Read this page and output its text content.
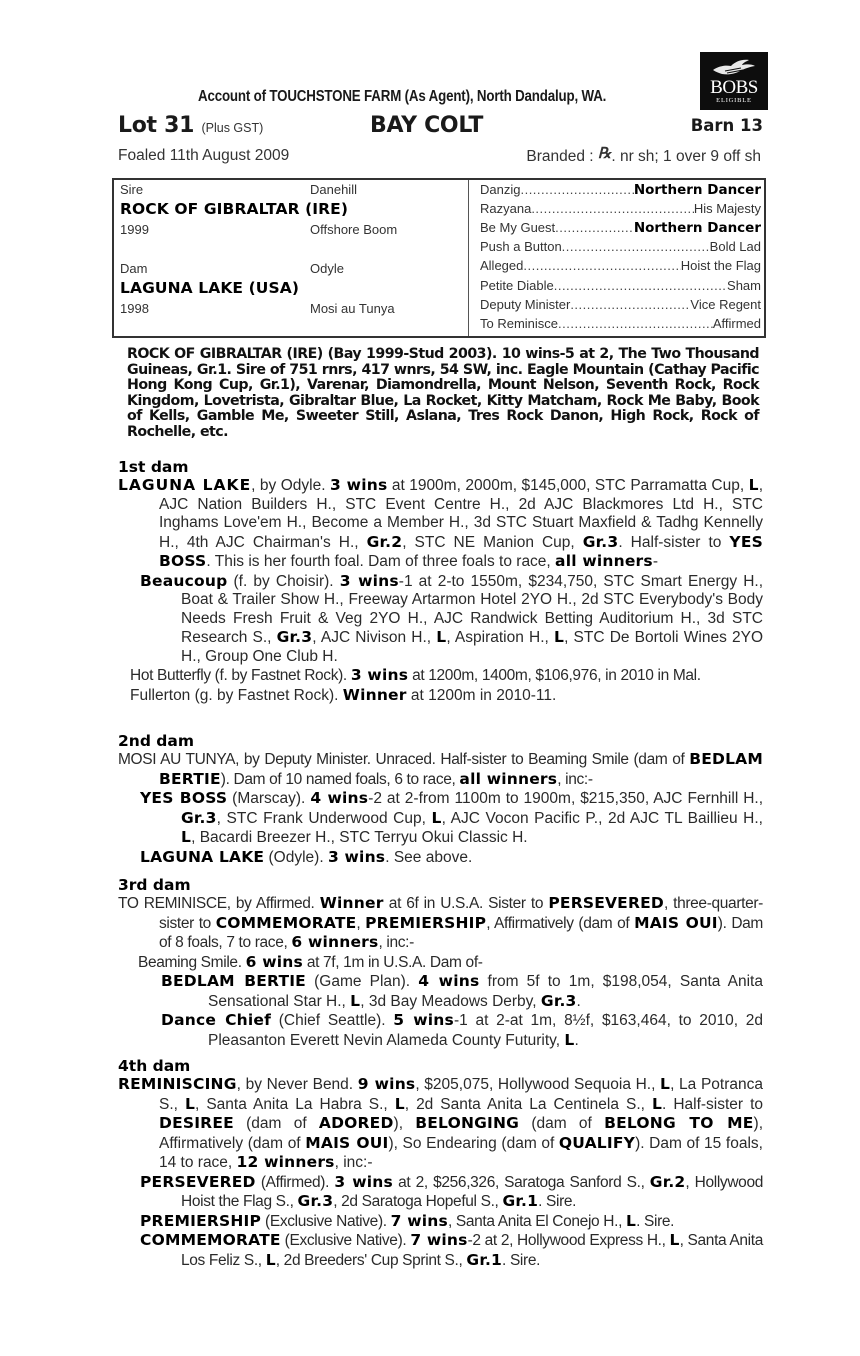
BOBS
ELIGIBLE
Account of TOUCHSTONE FARM (As Agent), North Dandalup, WA.
Lot 31 (Plus GST)	BAY COLT	Barn 13
Foaled 11th August 2009	Branded : ℞. nr sh; 1 over 9 off sh
Sire	Danehill
ROCK OF GIBRALTAR (IRE)
1999	Offshore Boom
Dam	Odyle
LAGUNA LAKE (USA)
1998	Mosi au Tunya
Danzig .....	Northern Dancer
Razyana .....	His Majesty
Be My Guest .....	Northern Dancer
Push a Button .....	Bold Lad
Alleged .....	Hoist the Flag
Petite Diable .....	Sham
Deputy Minister .....	Vice Regent
To Reminisce .....	Affirmed
ROCK OF GIBRALTAR (IRE) (Bay 1999-Stud 2003). 10 wins-5 at 2, The Two Thousand Guineas, Gr.1. Sire of 751 rnrs, 417 wnrs, 54 SW, inc. Eagle Mountain (Cathay Pacific Hong Kong Cup, Gr.1), Varenar, Diamondrella, Mount Nelson, Seventh Rock, Rock Kingdom, Lovetrista, Gibraltar Blue, La Rocket, Kitty Matcham, Rock Me Baby, Book of Kells, Gamble Me, Sweeter Still, Aslana, Tres Rock Danon, High Rock, Rock of Rochelle, etc.
1st dam
LAGUNA LAKE, by Odyle. 3 wins at 1900m, 2000m, $145,000, STC Parramatta Cup, L, AJC Nation Builders H., STC Event Centre H., 2d AJC Blackmores Ltd H., STC Inghams Love'em H., Become a Member H., 3d STC Stuart Maxfield & Tadhg Kennelly H., 4th AJC Chairman's H., Gr.2, STC NE Manion Cup, Gr.3. Half-sister to YES BOSS. This is her fourth foal. Dam of three foals to race, all winners-
Beaucoup (f. by Choisir). 3 wins-1 at 2-to 1550m, $234,750, STC Smart Energy H., Boat & Trailer Show H., Freeway Artarmon Hotel 2YO H., 2d STC Everybody's Body Needs Fresh Fruit & Veg 2YO H., AJC Randwick Betting Auditorium H., 3d STC Research S., Gr.3, AJC Nivison H., L, Aspiration H., L, STC De Bortoli Wines 2YO H., Group One Club H.
Hot Butterfly (f. by Fastnet Rock). 3 wins at 1200m, 1400m, $106,976, in 2010 in Mal.
Fullerton (g. by Fastnet Rock). Winner at 1200m in 2010-11.
2nd dam
MOSI AU TUNYA, by Deputy Minister. Unraced. Half-sister to Beaming Smile (dam of BEDLAM BERTIE). Dam of 10 named foals, 6 to race, all winners, inc:-
YES BOSS (Marscay). 4 wins-2 at 2-from 1100m to 1900m, $215,350, AJC Fernhill H., Gr.3, STC Frank Underwood Cup, L, AJC Vocon Pacific P., 2d AJC TL Baillieu H., L, Bacardi Breezer H., STC Terryu Okui Classic H.
LAGUNA LAKE (Odyle). 3 wins. See above.
3rd dam
TO REMINISCE, by Affirmed. Winner at 6f in U.S.A. Sister to PERSEVERED, three-quarter-sister to COMMEMORATE, PREMIERSHIP, Affirmatively (dam of MAIS OUI). Dam of 8 foals, 7 to race, 6 winners, inc:-
Beaming Smile. 6 wins at 7f, 1m in U.S.A. Dam of-
BEDLAM BERTIE (Game Plan). 4 wins from 5f to 1m, $198,054, Santa Anita Sensational Star H., L, 3d Bay Meadows Derby, Gr.3.
Dance Chief (Chief Seattle). 5 wins-1 at 2-at 1m, 8½f, $163,464, to 2010, 2d Pleasanton Everett Nevin Alameda County Futurity, L.
4th dam
REMINISCING, by Never Bend. 9 wins, $205,075, Hollywood Sequoia H., L, La Potranca S., L, Santa Anita La Habra S., L, 2d Santa Anita La Centinela S., L. Half-sister to DESIREE (dam of ADORED), BELONGING (dam of BELONG TO ME), Affirmatively (dam of MAIS OUI), So Endearing (dam of QUALIFY). Dam of 15 foals, 14 to race, 12 winners, inc:-
PERSEVERED (Affirmed). 3 wins at 2, $256,326, Saratoga Sanford S., Gr.2, Hollywood Hoist the Flag S., Gr.3, 2d Saratoga Hopeful S., Gr.1. Sire.
PREMIERSHIP (Exclusive Native). 7 wins, Santa Anita El Conejo H., L. Sire.
COMMEMORATE (Exclusive Native). 7 wins-2 at 2, Hollywood Express H., L, Santa Anita Los Feliz S., L, 2d Breeders' Cup Sprint S., Gr.1. Sire.
